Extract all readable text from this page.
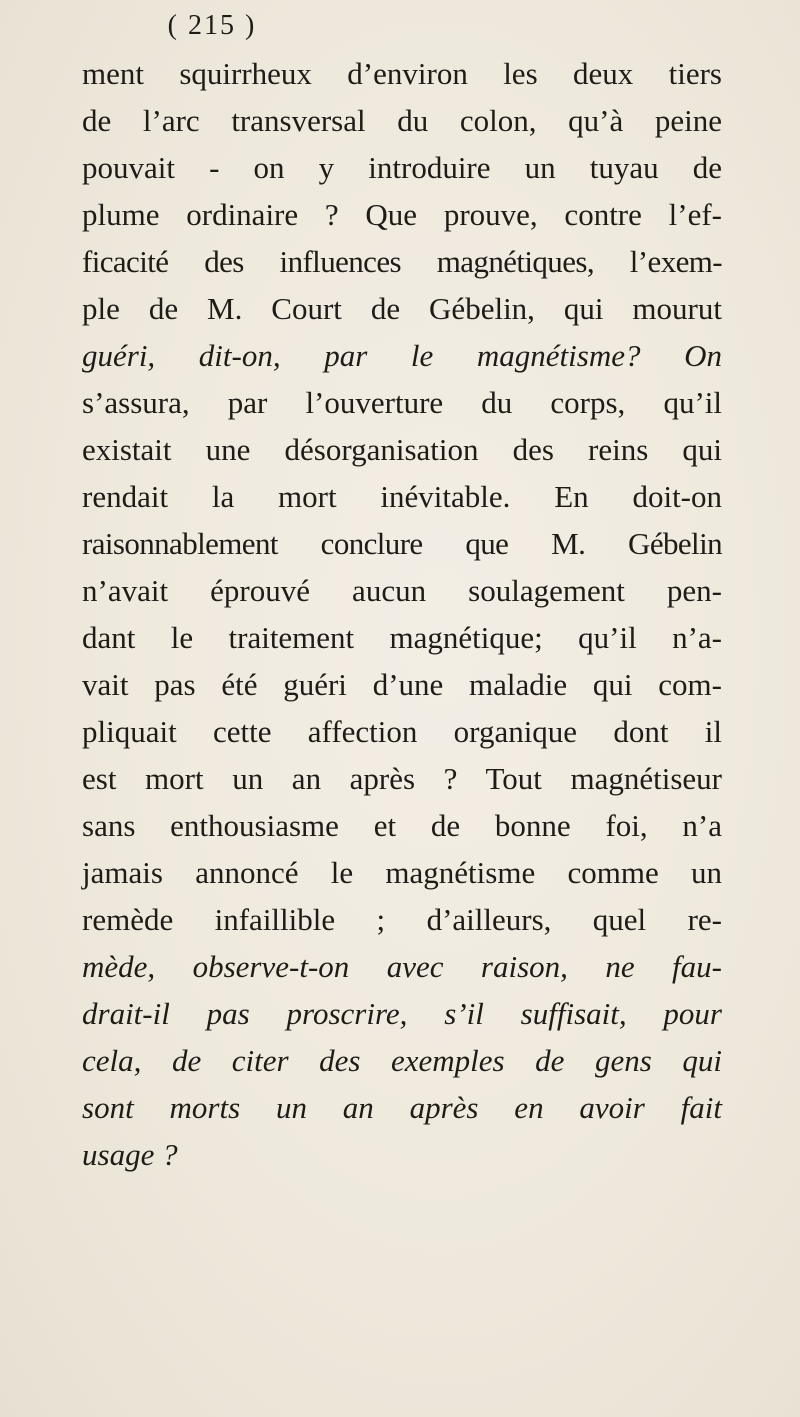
( 215 )
ment squirrheux d’environ les deux tiers
de l’arc transversal du colon, qu’à peine
pouvait - on y introduire un tuyau de
plume ordinaire ? Que prouve, contre l’ef-
ficacité des influences magnétiques, l’exem-
ple de M. Court de Gébelin, qui mourut
guéri, dit-on, par le magnétisme? On
s’assura, par l’ouverture du corps, qu’il
existait une désorganisation des reins qui
rendait la mort inévitable. En doit-on
raisonnablement conclure que M. Gébelin
n’avait éprouvé aucun soulagement pen-
dant le traitement magnétique; qu’il n’a-
vait pas été guéri d’une maladie qui com-
pliquait cette affection organique dont il
est mort un an après ? Tout magnétiseur
sans enthousiasme et de bonne foi, n’a
jamais annoncé le magnétisme comme un
remède infaillible ; d’ailleurs, quel re-
mède, observe-t-on avec raison, ne fau-
drait-il pas proscrire, s’il suffisait, pour
cela, de citer des exemples de gens qui
sont morts un an après en avoir fait
usage ?
